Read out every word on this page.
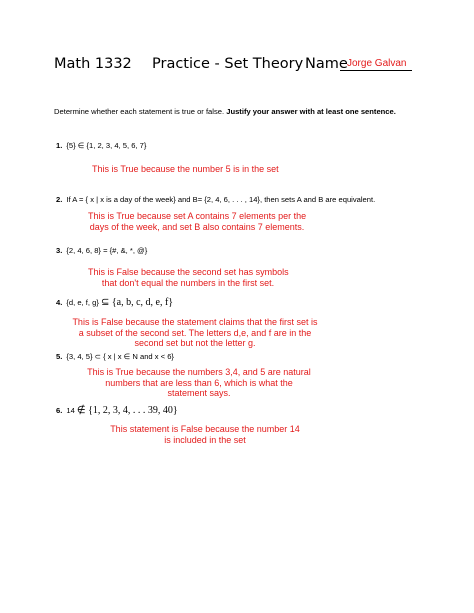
Math 1332 Practice - Set Theory Name Jorge Galvan
Determine whether each statement is true or false. Justify your answer with at least one sentence.
1. {5} ∈ {1, 2, 3, 4, 5, 6, 7}
This is True because the number 5 is in the set
2. If A = { x | x is a day of the week} and B= {2, 4, 6, . . . , 14}, then sets A and B are equivalent.
This is True because set A contains 7 elements per the
days of the week, and set B also contains 7 elements.
3. {2, 4, 6, 8} = {#, &, *, @}
This is False because the second set has symbols
that don't equal the numbers in the first set.
4. {d, e, f, g} ⊆ {a, b, c, d, e, f}
This is False because the statement claims that the first set is
a subset of the second set. The letters d,e, and f are in the
second set but not the letter g.
5. {3, 4, 5} ⊂ { x | x ∈ N and x < 6}
This is True because the numbers 3,4, and 5 are natural
numbers that are less than 6, which is what the
statement says.
6. 14 ∉ {1, 2, 3, 4, . . . 39, 40}
This statement is False because the number 14
is included in the set
